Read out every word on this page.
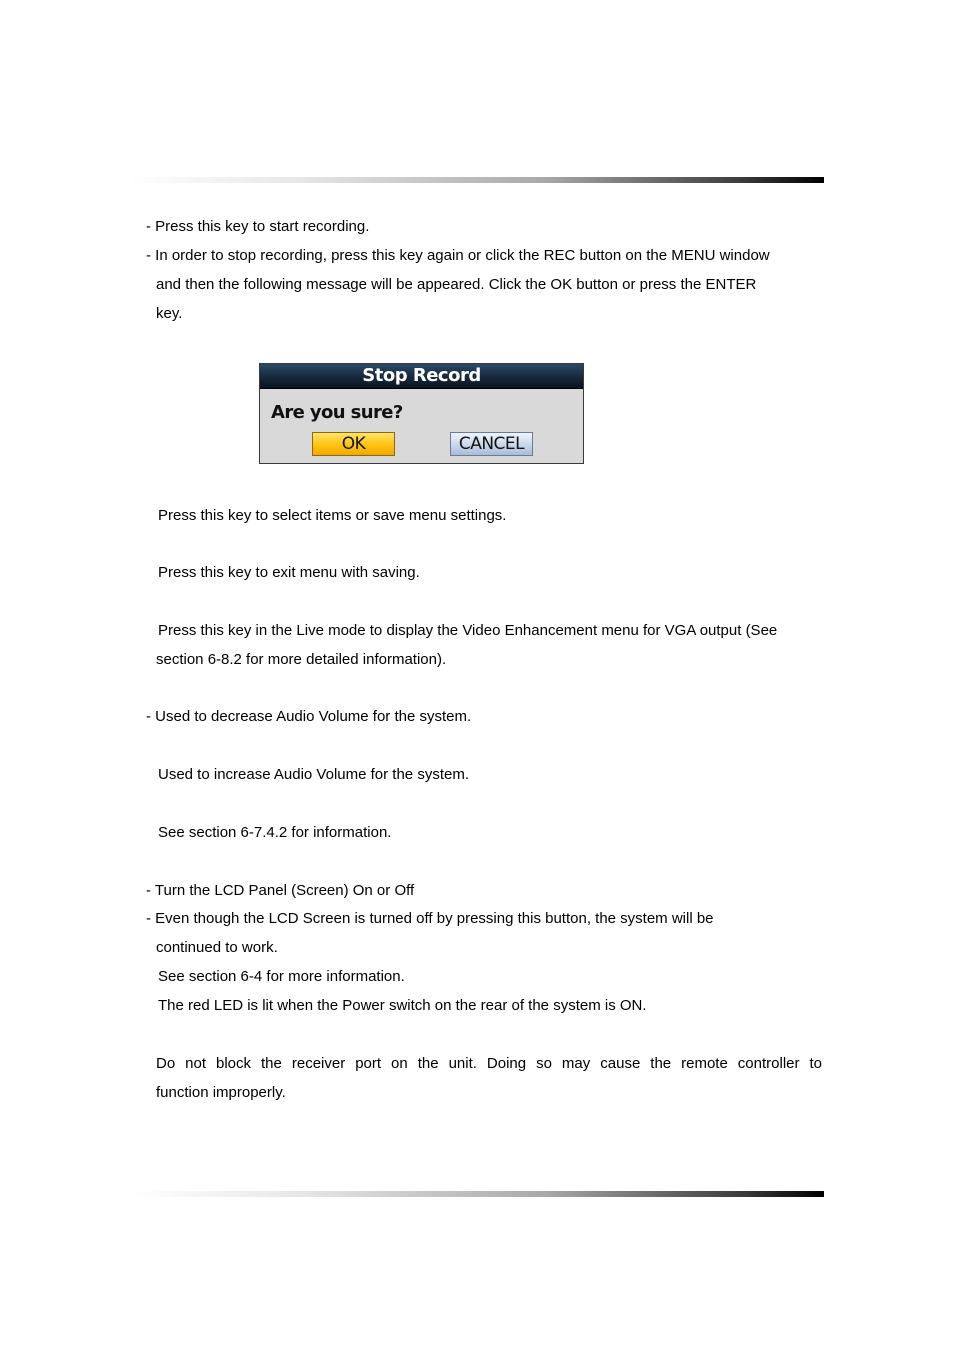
- Press this key to start recording.
- In order to stop recording, press this key again or click the REC button on the MENU window
and then the following message will be appeared. Click the OK button or press the ENTER
key.
Stop Record
Are you sure?
OK	CANCEL
Press this key to select items or save menu settings.
Press this key to exit menu with saving.
Press this key in the Live mode to display the Video Enhancement menu for VGA output (See
section 6-8.2 for more detailed information).
- Used to decrease Audio Volume for the system.
Used to increase Audio Volume for the system.
See section 6-7.4.2 for information.
- Turn the LCD Panel (Screen) On or Off
- Even though the LCD Screen is turned off by pressing this button, the system will be
continued to work.
See section 6-4 for more information.
The red LED is lit when the Power switch on the rear of the system is ON.
Do not block the receiver port on the unit. Doing so may cause the remote controller to
function improperly.
